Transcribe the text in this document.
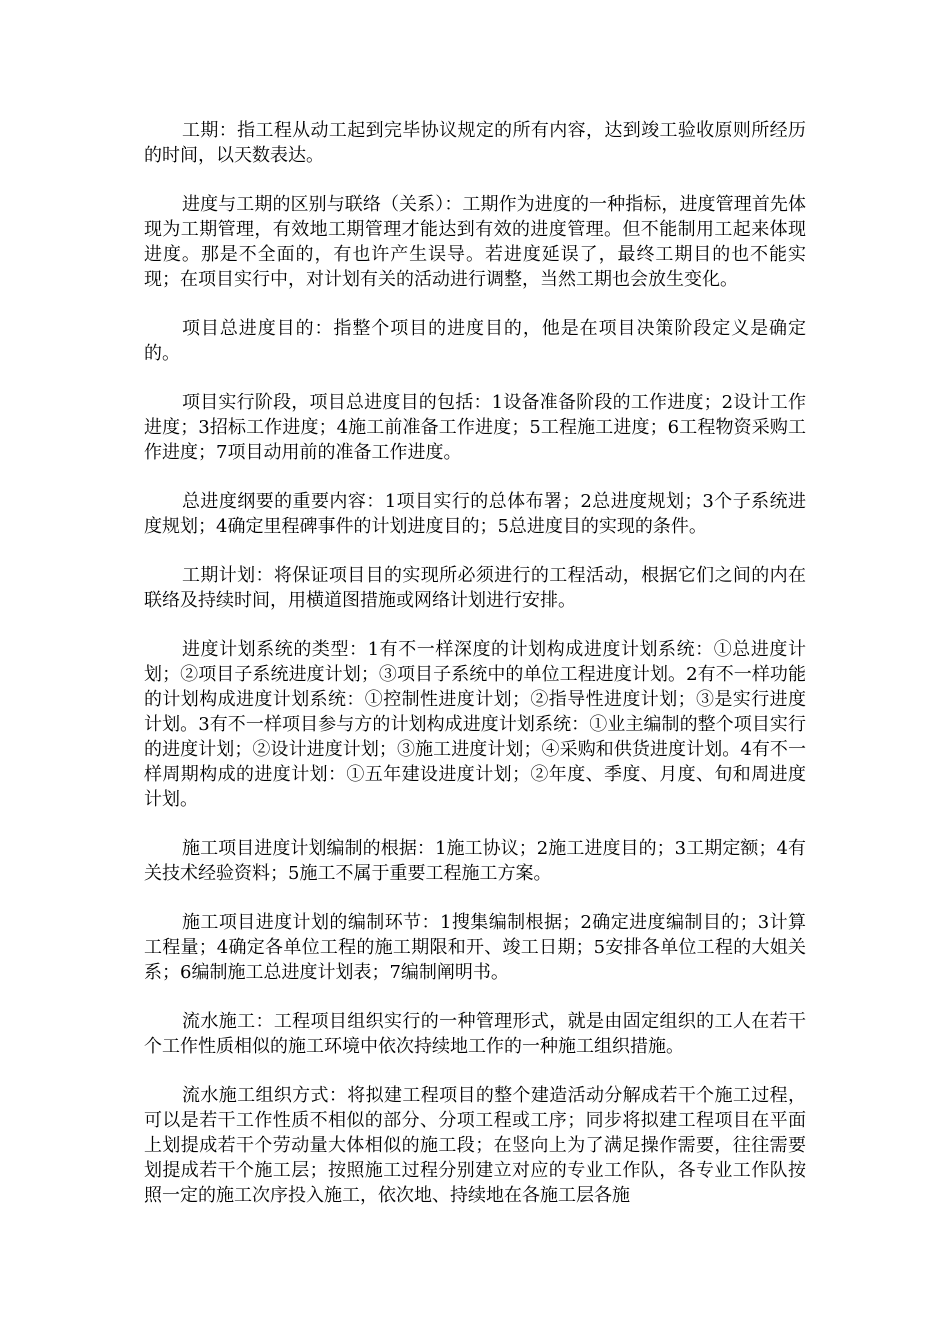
工期：指工程从动工起到完毕协议规定的所有内容，达到竣工验收原则所经历的时间，以天数表达。

进度与工期的区别与联络（关系）：工期作为进度的一种指标，进度管理首先体现为工期管理，有效地工期管理才能达到有效的进度管理。但不能制用工起来体现进度。那是不全面的，有也许产生误导。若进度延误了，最终工期目的也不能实现；在项目实行中，对计划有关的活动进行调整，当然工期也会放生变化。

项目总进度目的：指整个项目的进度目的，他是在项目决策阶段定义是确定的。

项目实行阶段，项目总进度目的包括：1设备准备阶段的工作进度；2设计工作进度；3招标工作进度；4施工前准备工作进度；5工程施工进度；6工程物资采购工作进度；7项目动用前的准备工作进度。

总进度纲要的重要内容：1项目实行的总体布署；2总进度规划；3个子系统进度规划；4确定里程碑事件的计划进度目的；5总进度目的实现的条件。

工期计划：将保证项目目的实现所必须进行的工程活动，根据它们之间的内在联络及持续时间，用横道图措施或网络计划进行安排。

进度计划系统的类型：1有不一样深度的计划构成进度计划系统：①总进度计划；②项目子系统进度计划；③项目子系统中的单位工程进度计划。2有不一样功能的计划构成进度计划系统：①控制性进度计划；②指导性进度计划；③是实行进度计划。3有不一样项目参与方的计划构成进度计划系统：①业主编制的整个项目实行的进度计划；②设计进度计划；③施工进度计划；④采购和供货进度计划。4有不一样周期构成的进度计划：①五年建设进度计划；②年度、季度、月度、旬和周进度计划。

施工项目进度计划编制的根据：1施工协议；2施工进度目的；3工期定额；4有关技术经验资料；5施工不属于重要工程施工方案。

施工项目进度计划的编制环节：1搜集编制根据；2确定进度编制目的；3计算工程量；4确定各单位工程的施工期限和开、竣工日期；5安排各单位工程的大姐关系；6编制施工总进度计划表；7编制阐明书。

流水施工：工程项目组织实行的一种管理形式，就是由固定组织的工人在若干个工作性质相似的施工环境中依次持续地工作的一种施工组织措施。

流水施工组织方式：将拟建工程项目的整个建造活动分解成若干个施工过程，可以是若干工作性质不相似的部分、分项工程或工序；同步将拟建工程项目在平面上划提成若干个劳动量大体相似的施工段；在竖向上为了满足操作需要，往往需要划提成若干个施工层；按照施工过程分别建立对应的专业工作队，各专业工作队按照一定的施工次序投入施工，依次地、持续地在各施工层各施
